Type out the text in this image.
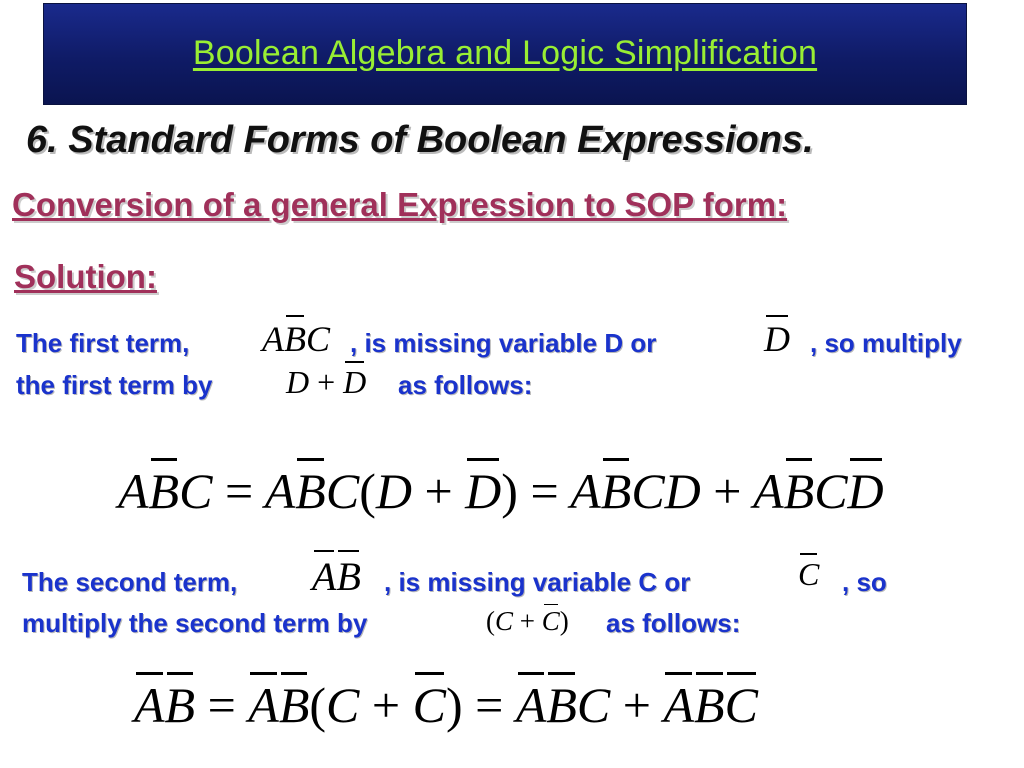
Boolean Algebra and Logic Simplification
6. Standard Forms of Boolean Expressions.
Conversion of a general Expression to SOP form:
Solution:
The first term, ABC , is missing variable D or	D , so multiply
the first term by D + D as follows:
ABC = ABC(D + D) = ABCD + ABCD
The second term, AB , is missing variable C or	C , so
multiply the second term by	(C + C) as follows:
AB = AB(C + C) = ABC + ABC
